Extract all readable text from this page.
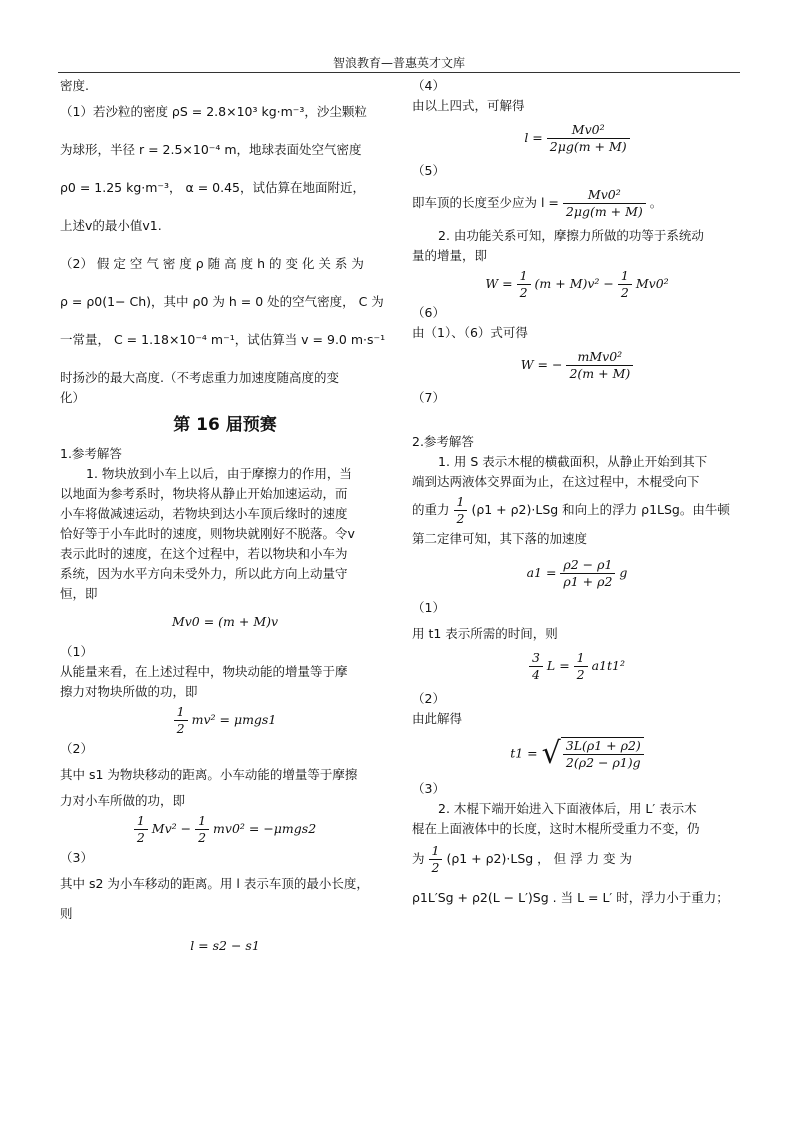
智浪教育—普惠英才文库

密度.

（1）若沙粒的密度 ρS = 2.8×10³ kg·m⁻³，沙尘颗粒

为球形，半径 r = 2.5×10⁻⁴ m，地球表面处空气密度

ρ0 = 1.25 kg·m⁻³， α = 0.45，试估算在地面附近，

上述v的最小值v1.

（2） 假 定 空 气 密 度 ρ 随 高 度 h 的 变 化 关 系 为

ρ = ρ0(1− Ch)，其中 ρ0 为 h = 0 处的空气密度， C 为

一常量， C = 1.18×10⁻⁴ m⁻¹，试估算当 v = 9.0 m·s⁻¹

时扬沙的最大高度.（不考虑重力加速度随高度的变

化）

第 16 届预赛

1.参考解答

1. 物块放到小车上以后，由于摩擦力的作用，当

以地面为参考系时，物块将从静止开始加速运动，而

小车将做减速运动，若物块到达小车顶后缘时的速度

恰好等于小车此时的速度，则物块就刚好不脱落。令v

表示此时的速度，在这个过程中，若以物块和小车为

系统，因为水平方向未受外力，所以此方向上动量守

恒，即

Mv0 = (m + M)v

（1）

从能量来看，在上述过程中，物块动能的增量等于摩

擦力对物块所做的功，即

$\frac{1}{2} mv^2 = \mu mgs1$

（2）

其中 s1 为物块移动的距离。小车动能的增量等于摩擦

力对小车所做的功，即

$\frac{1}{2} Mv^2 - \frac{1}{2} mv0^2 = -\mu mgs2$

（3）

其中 s2 为小车移动的距离。用 l 表示车顶的最小长度，

则

l = s2 − s1

（4）

由以上四式，可解得

$l = \frac{\text{Mv0²}}{2\mu g(m + M)}$

（5）

即车顶的长度至少应为 $l = \frac{\text{Mv0²}}{2\mu g(m + M)}$ 。

2. 由功能关系可知，摩擦力所做的功等于系统动

量的增量，即

$W = \frac{1}{2} (m + M)v^2 - \frac{1}{2} Mv0^2$

（6）

由（1）、（6）式可得

W = − $\frac{\text{mMv0²}}{2(m + M)}$

（7）

2.参考解答

1. 用 S 表示木棍的横截面积，从静止开始到其下

端到达两液体交界面为止，在这过程中，木棍受向下

的重力 $\frac{1}{2} (\rho 1 + \rho 2)\cdot LSg$ 和向上的浮力 ρ1LSg。由牛顿

第二定律可知，其下落的加速度

$a1 = \frac{\rho 2 - \rho 1}{\rho 1 + \rho 2}$ g

（1）

用 t1 表示所需的时间，则

$\frac{3}{4}$ $L = \frac{1}{2} a1t1^2$

（2）

由此解得

t1 = √ $\frac{3L(\rho 1 + \rho 2)}{2(\rho 2 - \rho 1)g}$

（3）

2. 木棍下端开始进入下面液体后，用 L′ 表示木

棍在上面液体中的长度，这时木棍所受重力不变，仍

为 $\frac{1}{2} (\rho 1 + \rho 2)\cdot LSg$ ， 但 浮 力 变 为

ρ1L′Sg + ρ2(L − L′)Sg . 当 L = L′ 时，浮力小于重力；
